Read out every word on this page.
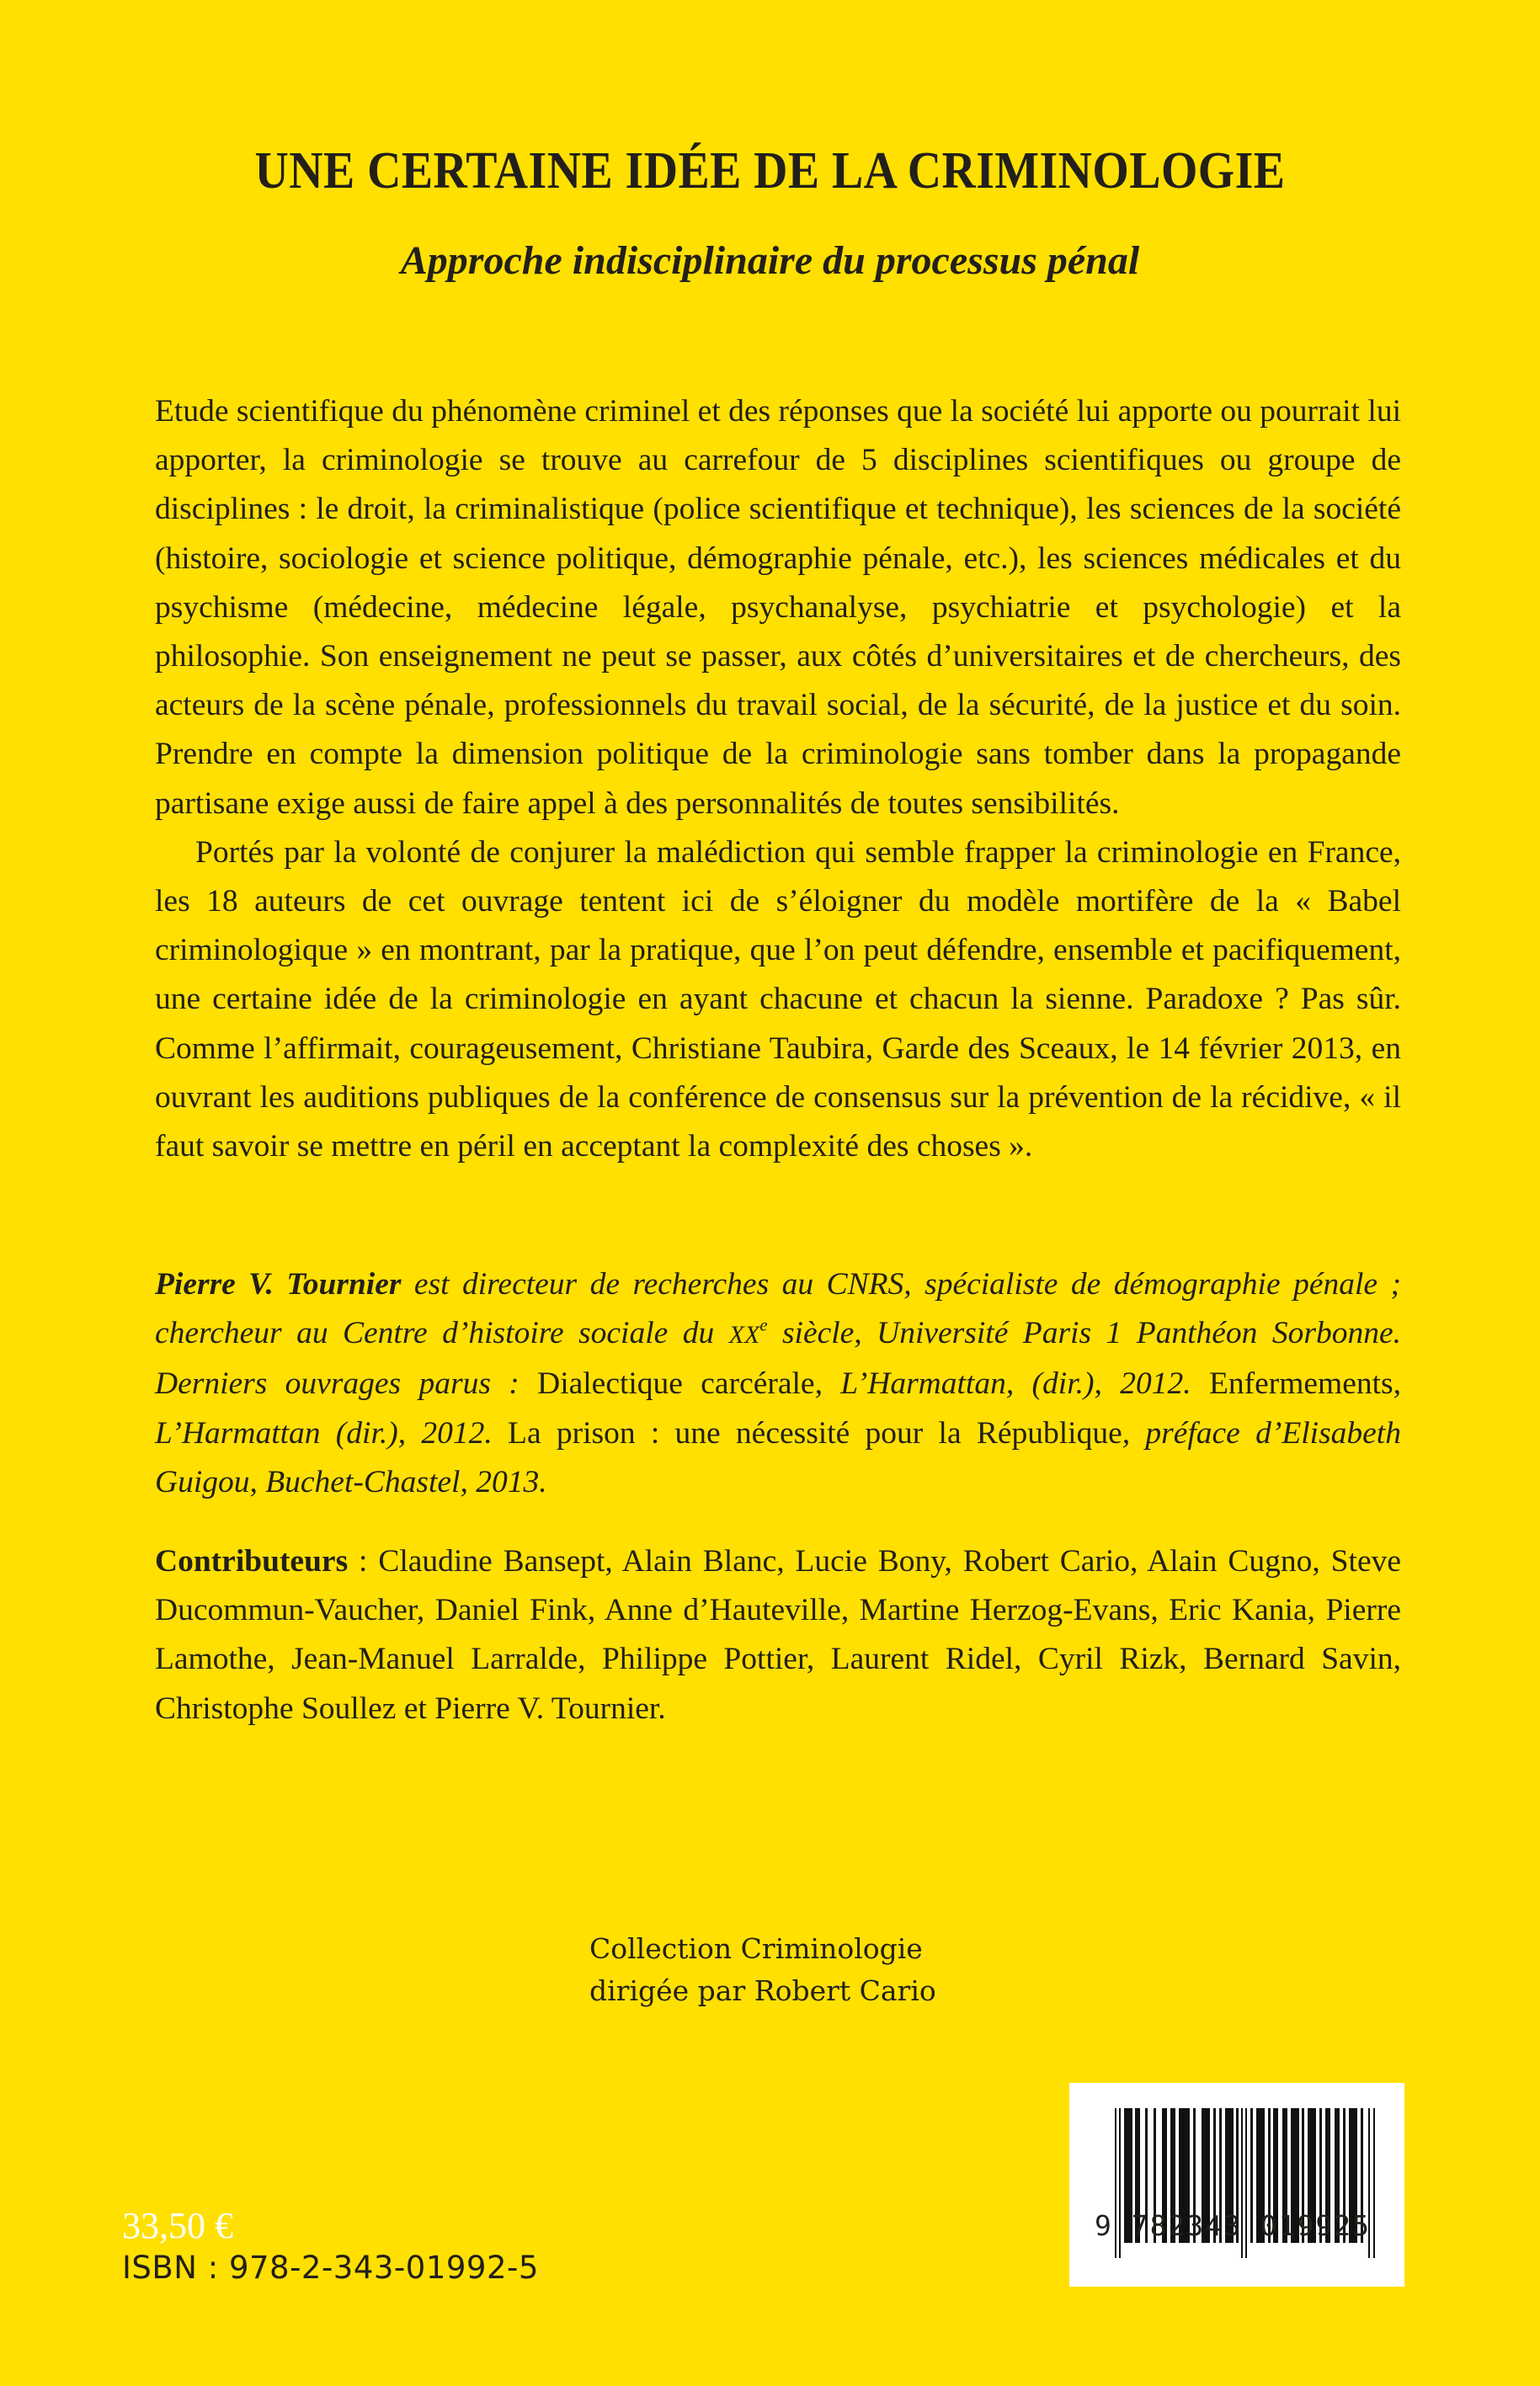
UNE CERTAINE IDÉE DE LA CRIMINOLOGIE
Approche indisciplinaire du processus pénal

Etude scientifique du phénomène criminel et des réponses que la société lui apporte ou pourrait lui apporter, la criminologie se trouve au carrefour de 5 disciplines scientifiques ou groupe de disciplines : le droit, la criminalistique (police scientifique et technique), les sciences de la société (histoire, sociologie et science politique, démographie pénale, etc.), les sciences médicales et du psychisme (médecine, médecine légale, psychanalyse, psychiatrie et psychologie) et la philosophie. Son enseignement ne peut se passer, aux côtés d’universitaires et de chercheurs, des acteurs de la scène pénale, professionnels du travail social, de la sécurité, de la justice et du soin. Prendre en compte la dimension politique de la criminologie sans tomber dans la propagande partisane exige aussi de faire appel à des personnalités de toutes sensibilités.

Portés par la volonté de conjurer la malédiction qui semble frapper la criminologie en France, les 18 auteurs de cet ouvrage tentent ici de s’éloigner du modèle mortifère de la « Babel criminologique » en montrant, par la pratique, que l’on peut défendre, ensemble et pacifiquement, une certaine idée de la criminologie en ayant chacune et chacun la sienne. Paradoxe ? Pas sûr. Comme l’affirmait, courageusement, Christiane Taubira, Garde des Sceaux, le 14 février 2013, en ouvrant les auditions publiques de la conférence de consensus sur la prévention de la récidive, « il faut savoir se mettre en péril en acceptant la complexité des choses ».

Pierre V. Tournier est directeur de recherches au CNRS, spécialiste de démographie pénale ; chercheur au Centre d’histoire sociale du XXe siècle, Université Paris 1 Panthéon Sorbonne. Derniers ouvrages parus : Dialectique carcérale, L’Harmattan, (dir.), 2012. Enfermements, L’Harmattan (dir.), 2012. La prison : une nécessité pour la République, préface d’Elisabeth Guigou, Buchet-Chastel, 2013.

Contributeurs : Claudine Bansept, Alain Blanc, Lucie Bony, Robert Cario, Alain Cugno, Steve Ducommun-Vaucher, Daniel Fink, Anne d’Hauteville, Martine Herzog-Evans, Eric Kania, Pierre Lamothe, Jean-Manuel Larralde, Philippe Pottier, Laurent Ridel, Cyril Rizk, Bernard Savin, Christophe Soullez et Pierre V. Tournier.

Collection Criminologie
dirigée par Robert Cario
33,50 €
ISBN : 978-2-343-01992-5
9 782343 019925
